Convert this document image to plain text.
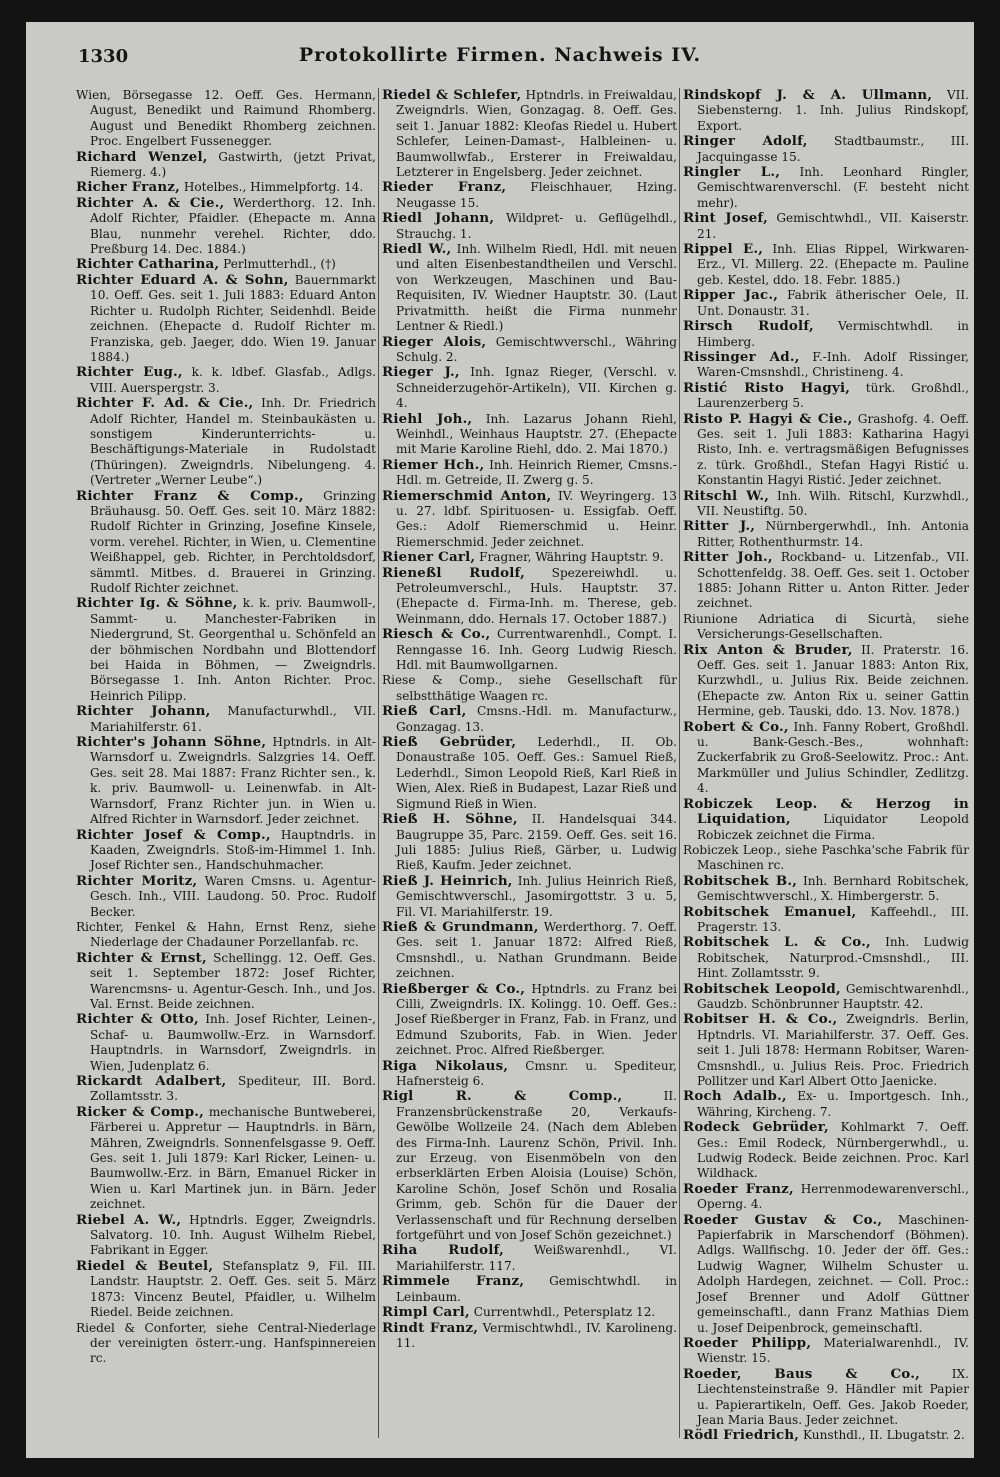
1330	Protokollirte Firmen. Nachweis IV.
Wien, Börsegasse 12. Oeff. Ges. Hermann, August, Benedikt und Raimund Rhomberg. August und Benedikt Rhomberg zeichnen. Proc. Engelbert Fussenegger.
Richard Wenzel, Gastwirth, (jetzt Privat, Riemerg. 4.)
Richer Franz, Hotelbes., Himmelpfortg. 14.
Richter A. & Cie., Werderthorg. 12. Inh. Adolf Richter, Pfaidler. (Ehepacte m. Anna Blau, nunmehr verehel. Richter, ddo. Preßburg 14. Dec. 1884.)
Richter Catharina, Perlmutterhdl., (†)
Richter Eduard A. & Sohn, Bauernmarkt 10. Oeff. Ges. seit 1. Juli 1883: Eduard Anton Richter u. Rudolph Richter, Seidenhdl. Beide zeichnen. (Ehepacte d. Rudolf Richter m. Franziska, geb. Jaeger, ddo. Wien 19. Januar 1884.)
Richter Eug., k. k. ldbef. Glasfab., Adlgs. VIII. Auerspergstr. 3.
Richter F. Ad. & Cie., Inh. Dr. Friedrich Adolf Richter, Handel m. Steinbaukästen u. sonstigem Kinderunterrichts- u. Beschäftigungs-Materiale in Rudolstadt (Thüringen). Zweigndrls. Nibelungeng. 4. (Vertreter „Werner Leube“.)
Richter Franz & Comp., Grinzing Bräuhausg. 50. Oeff. Ges. seit 10. März 1882: Rudolf Richter in Grinzing, Josefine Kinsele, vorm. verehel. Richter, in Wien, u. Clementine Weißhappel, geb. Richter, in Perchtoldsdorf, sämmtl. Mitbes. d. Brauerei in Grinzing. Rudolf Richter zeichnet.
Richter Ig. & Söhne, k. k. priv. Baumwoll-, Sammt- u. Manchester-Fabriken in Niedergrund, St. Georgenthal u. Schönfeld an der böhmischen Nordbahn und Blottendorf bei Haida in Böhmen, — Zweigndrls. Börsegasse 1. Inh. Anton Richter. Proc. Heinrich Pilipp.
Richter Johann, Manufacturwhdl., VII. Mariahilferstr. 61.
Richter's Johann Söhne, Hptndrls. in Alt-Warnsdorf u. Zweigndrls. Salzgries 14. Oeff. Ges. seit 28. Mai 1887: Franz Richter sen., k. k. priv. Baumwoll- u. Leinenwfab. in Alt-Warnsdorf, Franz Richter jun. in Wien u. Alfred Richter in Warnsdorf. Jeder zeichnet.
Richter Josef & Comp., Hauptndrls. in Kaaden, Zweigndrls. Stoß-im-Himmel 1. Inh. Josef Richter sen., Handschuhmacher.
Richter Moritz, Waren Cmsns. u. Agentur-Gesch. Inh., VIII. Laudong. 50. Proc. Rudolf Becker.
Richter, Fenkel & Hahn, Ernst Renz, siehe Niederlage der Chadauner Porzellanfab. rc.
Richter & Ernst, Schellingg. 12. Oeff. Ges. seit 1. September 1872: Josef Richter, Warencmsns- u. Agentur-Gesch. Inh., und Jos. Val. Ernst. Beide zeichnen.
Richter & Otto, Inh. Josef Richter, Leinen-, Schaf- u. Baumwollw.-Erz. in Warnsdorf. Hauptndrls. in Warnsdorf, Zweigndrls. in Wien, Judenplatz 6.
Rickardt Adalbert, Spediteur, III. Bord. Zollamtsstr. 3.
Ricker & Comp., mechanische Buntweberei, Färberei u. Appretur — Hauptndrls. in Bärn, Mähren, Zweigndrls. Sonnenfelsgasse 9. Oeff. Ges. seit 1. Juli 1879: Karl Ricker, Leinen- u. Baumwollw.-Erz. in Bärn, Emanuel Ricker in Wien u. Karl Martinek jun. in Bärn. Jeder zeichnet.
Riebel A. W., Hptndrls. Egger, Zweigndrls. Salvatorg. 10. Inh. August Wilhelm Riebel, Fabrikant in Egger.
Riedel & Beutel, Stefansplatz 9, Fil. III. Landstr. Hauptstr. 2. Oeff. Ges. seit 5. März 1873: Vincenz Beutel, Pfaidler, u. Wilhelm Riedel. Beide zeichnen.
Riedel & Conforter, siehe Central-Niederlage der vereinigten österr.-ung. Hanfspinnereien rc.
Riedel & Schlefer, Hptndrls. in Freiwaldau, Zweigndrls. Wien, Gonzagag. 8. Oeff. Ges. seit 1. Januar 1882: Kleofas Riedel u. Hubert Schlefer, Leinen-Damast-, Halbleinen- u. Baumwollwfab., Ersterer in Freiwaldau, Letzterer in Engelsberg. Jeder zeichnet.
Rieder Franz, Fleischhauer, Hzing. Neugasse 15.
Riedl Johann, Wildpret- u. Geflügelhdl., Strauchg. 1.
Riedl W., Inh. Wilhelm Riedl, Hdl. mit neuen und alten Eisenbestandtheilen und Verschl. von Werkzeugen, Maschinen und Bau-Requisiten, IV. Wiedner Hauptstr. 30. (Laut Privatmitth. heißt die Firma nunmehr Lentner & Riedl.)
Rieger Alois, Gemischtwverschl., Währing Schulg. 2.
Rieger J., Inh. Ignaz Rieger, (Verschl. v. Schneiderzugehör-Artikeln), VII. Kirchen g. 4.
Riehl Joh., Inh. Lazarus Johann Riehl, Weinhdl., Weinhaus Hauptstr. 27. (Ehepacte mit Marie Karoline Riehl, ddo. 2. Mai 1870.)
Riemer Hch., Inh. Heinrich Riemer, Cmsns.-Hdl. m. Getreide, II. Zwerg g. 5.
Riemerschmid Anton, IV. Weyringerg. 13 u. 27. ldbf. Spirituosen- u. Essigfab. Oeff. Ges.: Adolf Riemerschmid u. Heinr. Riemerschmid. Jeder zeichnet.
Riener Carl, Fragner, Währing Hauptstr. 9.
Rieneßl Rudolf, Spezereiwhdl. u. Petroleumverschl., Huls. Hauptstr. 37. (Ehepacte d. Firma-Inh. m. Therese, geb. Weinmann, ddo. Hernals 17. October 1887.)
Riesch & Co., Currentwarenhdl., Compt. I. Renngasse 16. Inh. Georg Ludwig Riesch. Hdl. mit Baumwollgarnen.
Riese & Comp., siehe Gesellschaft für selbstthätige Waagen rc.
Rieß Carl, Cmsns.-Hdl. m. Manufacturw., Gonzagag. 13.
Rieß Gebrüder, Lederhdl., II. Ob. Donaustraße 105. Oeff. Ges.: Samuel Rieß, Lederhdl., Simon Leopold Rieß, Karl Rieß in Wien, Alex. Rieß in Budapest, Lazar Rieß und Sigmund Rieß in Wien.
Rieß H. Söhne, II. Handelsquai 344. Baugruppe 35, Parc. 2159. Oeff. Ges. seit 16. Juli 1885: Julius Rieß, Gärber, u. Ludwig Rieß, Kaufm. Jeder zeichnet.
Rieß J. Heinrich, Inh. Julius Heinrich Rieß, Gemischtwverschl., Jasomirgottstr. 3 u. 5, Fil. VI. Mariahilferstr. 19.
Rieß & Grundmann, Werderthorg. 7. Oeff. Ges. seit 1. Januar 1872: Alfred Rieß, Cmsnshdl., u. Nathan Grundmann. Beide zeichnen.
Rießberger & Co., Hptndrls. zu Franz bei Cilli, Zweigndrls. IX. Kolingg. 10. Oeff. Ges.: Josef Rießberger in Franz, Fab. in Franz, und Edmund Szuborits, Fab. in Wien. Jeder zeichnet. Proc. Alfred Rießberger.
Riga Nikolaus, Cmsnr. u. Spediteur, Hafnersteig 6.
Rigl R. & Comp.,	II. Franzensbrückenstraße 20, Verkaufs-Gewölbe Wollzeile 24. (Nach dem Ableben des Firma-Inh. Laurenz Schön, Privil. Inh. zur Erzeug. von Eisenmöbeln von den erbserklärten Erben Aloisia (Louise) Schön, Karoline Schön, Josef Schön und Rosalia Grimm, geb. Schön für die Dauer der Verlassenschaft und für Rechnung derselben fortgeführt und von Josef Schön gezeichnet.)
Riha Rudolf, Weißwarenhdl., VI. Mariahilferstr. 117.
Rimmele Franz, Gemischtwhdl. in Leinbaum.
Rimpl Carl, Currentwhdl., Petersplatz 12.
Rindt Franz, Vermischtwhdl., IV. Karolineng. 11.
Rindskopf J. & A. Ullmann, VII. Siebensterng. 1. Inh. Julius Rindskopf, Export.
Ringer Adolf, Stadtbaumstr., III. Jacquingasse 15.
Ringler L., Inh. Leonhard Ringler, Gemischtwarenverschl. (F. besteht nicht mehr).
Rint Josef, Gemischtwhdl., VII. Kaiserstr. 21.
Rippel E., Inh. Elias Rippel, Wirkwaren-Erz., VI. Millerg. 22. (Ehepacte m. Pauline geb. Kestel, ddo. 18. Febr. 1885.)
Ripper Jac., Fabrik ätherischer Oele, II. Unt. Donaustr. 31.
Rirsch Rudolf, Vermischtwhdl. in Himberg.
Rissinger Ad., F.-Inh. Adolf Rissinger, Waren-Cmsnshdl., Christineng. 4.
Ristić Risto Hagyi, türk. Großhdl., Laurenzerberg 5.
Risto P. Hagyi & Cie., Grashofg. 4. Oeff. Ges. seit 1. Juli 1883: Katharina Hagyi Risto, Inh. e. vertragsmäßigen Befugnisses z. türk. Großhdl., Stefan Hagyi Ristić u. Konstantin Hagyi Ristić. Jeder zeichnet.
Ritschl W., Inh. Wilh. Ritschl, Kurzwhdl., VII. Neustiftg. 50.
Ritter J., Nürnbergerwhdl., Inh. Antonia Ritter, Rothenthurmstr. 14.
Ritter Joh., Rockband- u. Litzenfab., VII. Schottenfeldg. 38. Oeff. Ges. seit 1. October 1885: Johann Ritter u. Anton Ritter. Jeder zeichnet.
Riunione Adriatica di Sicurtà, siehe Versicherungs-Gesellschaften.
Rix Anton & Bruder, II. Praterstr. 16. Oeff. Ges. seit 1. Januar 1883: Anton Rix, Kurzwhdl., u. Julius Rix. Beide zeichnen. (Ehepacte zw. Anton Rix u. seiner Gattin Hermine, geb. Tauski, ddo. 13. Nov. 1878.)
Robert & Co., Inh. Fanny Robert, Großhdl. u. Bank-Gesch.-Bes., wohnhaft: Zuckerfabrik zu Groß-Seelowitz. Proc.: Ant. Markmüller und Julius Schindler, Zedlitzg. 4.
Robiczek Leop. & Herzog in Liquidation,	Liquidator Leopold Robiczek zeichnet die Firma.
Robiczek Leop., siehe Paschka'sche Fabrik für Maschinen rc.
Robitschek B., Inh. Bernhard Robitschek, Gemischtwverschl., X. Himbergerstr. 5.
Robitschek Emanuel, Kaffeehdl., III. Pragerstr. 13.
Robitschek L. & Co., Inh. Ludwig Robitschek, Naturprod.-Cmsnshdl., III. Hint. Zollamtsstr. 9.
Robitschek Leopold, Gemischtwarenhdl., Gaudzb. Schönbrunner Hauptstr. 42.
Robitser H. & Co., Zweigndrls. Berlin, Hptndrls. VI. Mariahilferstr. 37. Oeff. Ges. seit 1. Juli 1878: Hermann Robitser, Waren-Cmsnshdl., u. Julius Reis. Proc. Friedrich Pollitzer und Karl Albert Otto Jaenicke.
Roch Adalb., Ex- u. Importgesch. Inh., Währing, Kircheng. 7.
Rodeck Gebrüder, Kohlmarkt 7. Oeff. Ges.: Emil Rodeck, Nürnbergerwhdl., u. Ludwig Rodeck. Beide zeichnen. Proc. Karl Wildhack.
Roeder Franz, Herrenmodewarenverschl., Operng. 4.
Roeder Gustav & Co., Maschinen-Papierfabrik in Marschendorf (Böhmen). Adlgs. Wallfischg. 10. Jeder der öff. Ges.: Ludwig Wagner, Wilhelm Schuster u. Adolph Hardegen, zeichnet. — Coll. Proc.: Josef Brenner und Adolf Güttner gemeinschaftl., dann Franz Mathias Diem u. Josef Deipenbrock, gemeinschaftl.
Roeder Philipp, Materialwarenhdl., IV. Wienstr. 15.
Roeder, Baus & Co.,	IX. Liechtensteinstraße 9. Händler mit Papier u. Papierartikeln, Oeff. Ges. Jakob Roeder, Jean Maria Baus. Jeder zeichnet.
Rödl Friedrich, Kunsthdl., II. Lbugatstr. 2.
